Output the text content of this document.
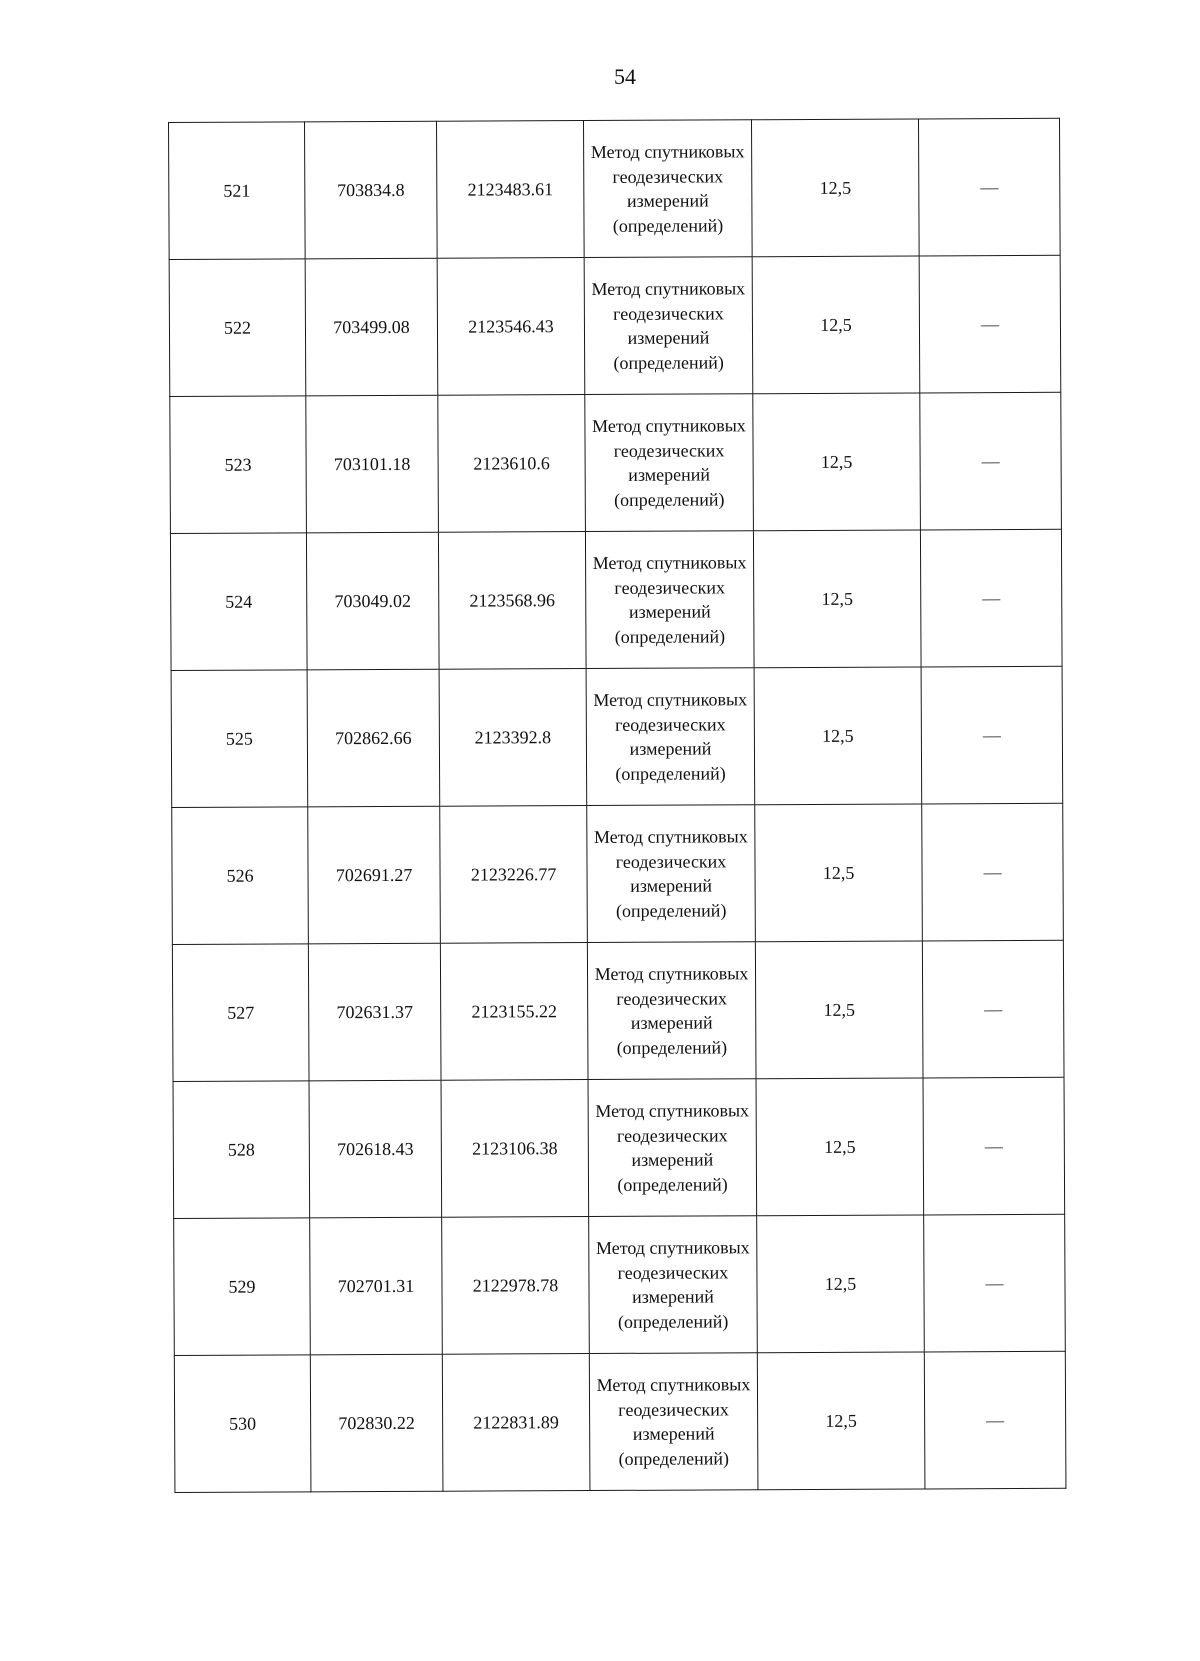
54
521	703834.8	2123483.61	Метод спутниковых геодезических измерений (определений)	12,5	—
522	703499.08	2123546.43	Метод спутниковых геодезических измерений (определений)	12,5	—
523	703101.18	2123610.6	Метод спутниковых геодезических измерений (определений)	12,5	—
524	703049.02	2123568.96	Метод спутниковых геодезических измерений (определений)	12,5	—
525	702862.66	2123392.8	Метод спутниковых геодезических измерений (определений)	12,5	—
526	702691.27	2123226.77	Метод спутниковых геодезических измерений (определений)	12,5	—
527	702631.37	2123155.22	Метод спутниковых геодезических измерений (определений)	12,5	—
528	702618.43	2123106.38	Метод спутниковых геодезических измерений (определений)	12,5	—
529	702701.31	2122978.78	Метод спутниковых геодезических измерений (определений)	12,5	—
530	702830.22	2122831.89	Метод спутниковых геодезических измерений (определений)	12,5	—
